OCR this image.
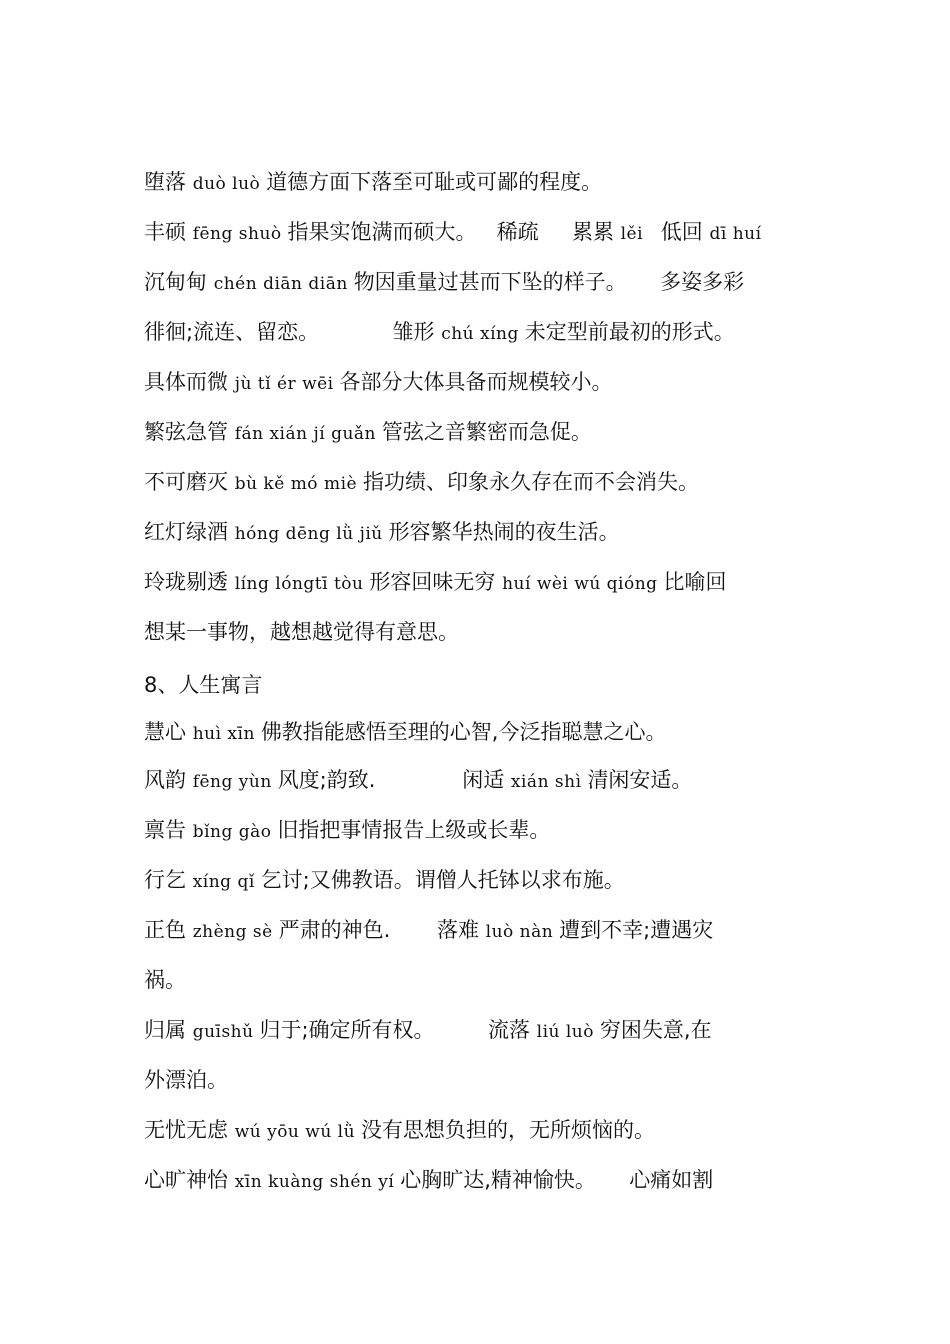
堕落 duò luò 道德方面下落至可耻或可鄙的程度。
丰硕 fēng shuò 指果实饱满而硕大。   稀疏     累累 lěi   低回 dī huí
沉甸甸 chén diān diān 物因重量过甚而下坠的样子。     多姿多彩
徘徊;流连、留恋。           雏形 chú xíng 未定型前最初的形式。
具体而微 jù tǐ ér wēi 各部分大体具备而规模较小。
繁弦急管 fán xián jí guǎn 管弦之音繁密而急促。
不可磨灭 bù kě mó miè 指功绩、印象永久存在而不会消失。
红灯绿酒 hóng dēng lǜ jiǔ 形容繁华热闹的夜生活。
玲珑剔透 líng lóngtī tòu 形容回味无穷 huí wèi wú qióng 比喻回
想某一事物，越想越觉得有意思。
8、人生寓言
慧心 huì xīn 佛教指能感悟至理的心智,今泛指聪慧之心。
风韵 fēng yùn 风度;韵致.             闲适 xián shì 清闲安适。
禀告 bǐng gào 旧指把事情报告上级或长辈。
行乞 xíng qǐ 乞讨;又佛教语。谓僧人托钵以求布施。
正色 zhèng sè 严肃的神色.       落难 luò nàn 遭到不幸;遭遇灾
祸。
归属 guīshǔ 归于;确定所有权。        流落 liú luò 穷困失意,在
外漂泊。
无忧无虑 wú yōu wú lǜ 没有思想负担的，无所烦恼的。
心旷神怡 xīn kuàng shén yí 心胸旷达,精神愉快。     心痛如割
